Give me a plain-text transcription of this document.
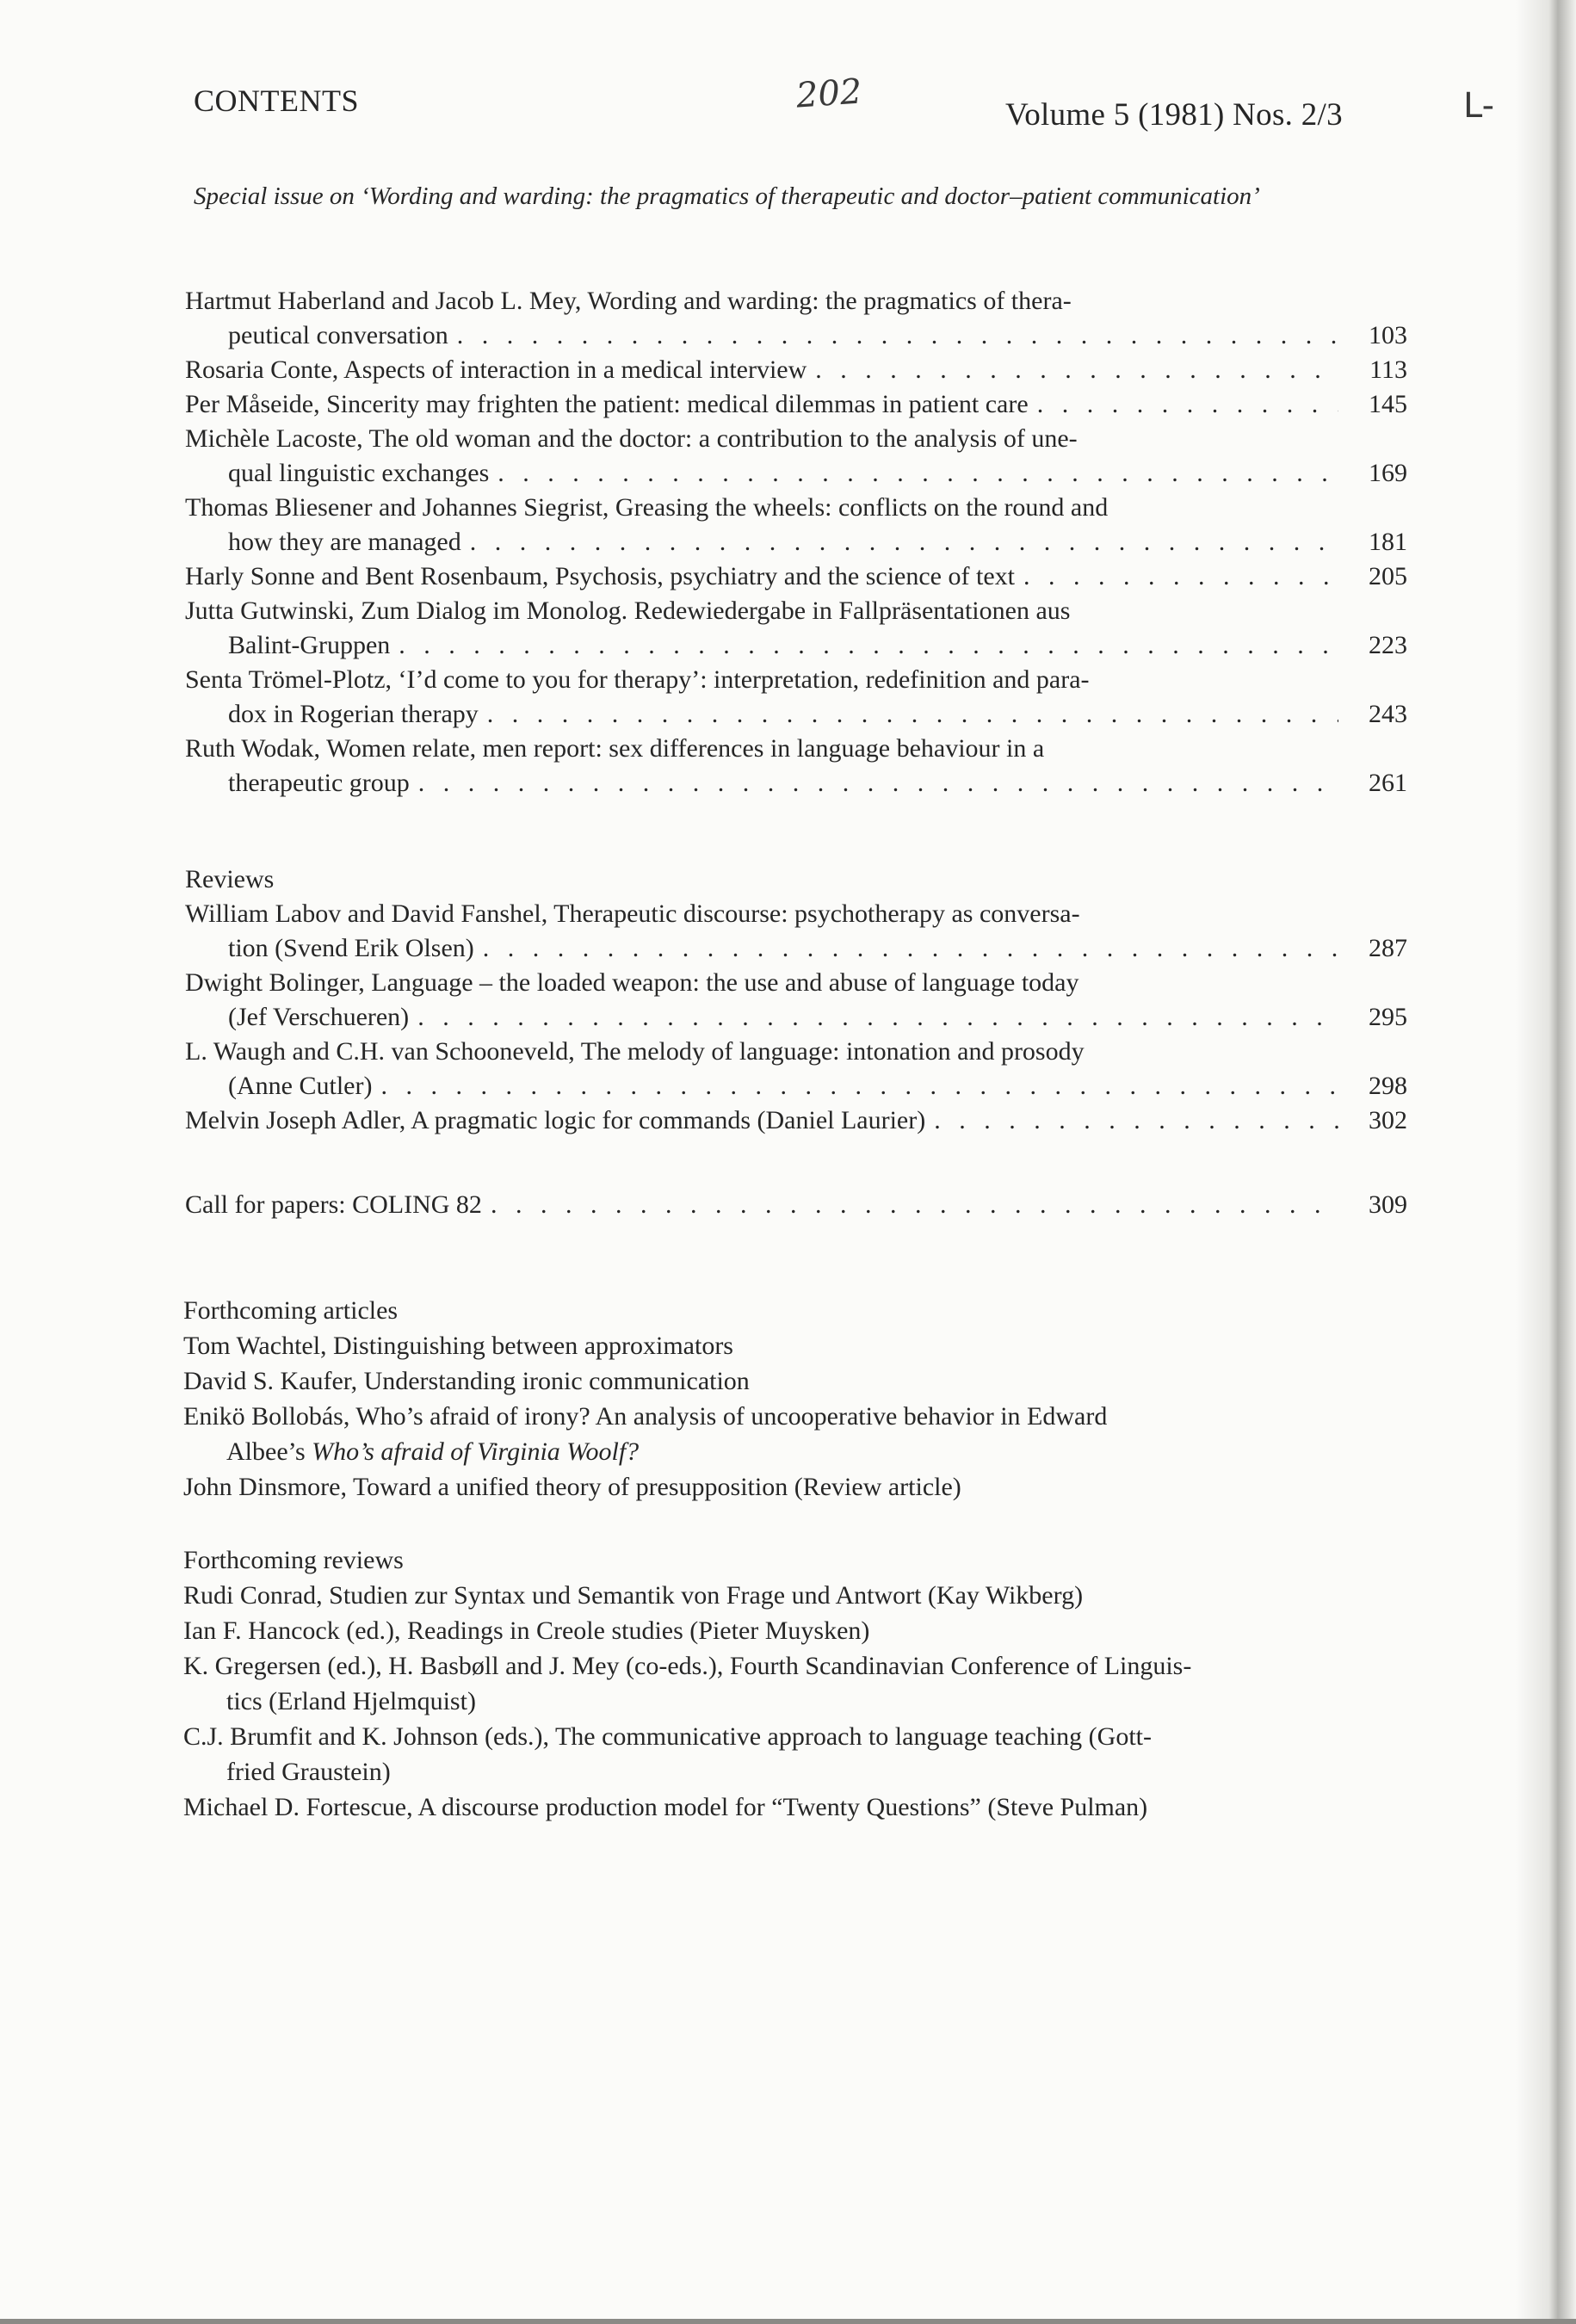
CONTENTS	202	Volume 5 (1981) Nos. 2/3	L-
Special issue on ‘Wording and warding: the pragmatics of therapeutic and doctor–patient communication’
Hartmut Haberland and Jacob L. Mey, Wording and warding: the pragmatics of thera-
peutical conversation . . .	103
Rosaria Conte, Aspects of interaction in a medical interview . . .	113
Per Måseide, Sincerity may frighten the patient: medical dilemmas in patient care . . .	145
Michèle Lacoste, The old woman and the doctor: a contribution to the analysis of une-
qual linguistic exchanges . . .	169
Thomas Bliesener and Johannes Siegrist, Greasing the wheels: conflicts on the round and
how they are managed . . .	181
Harly Sonne and Bent Rosenbaum, Psychosis, psychiatry and the science of text . . .	205
Jutta Gutwinski, Zum Dialog im Monolog. Redewiedergabe in Fallpräsentationen aus
Balint-Gruppen . . .	223
Senta Trömel-Plotz, ‘I’d come to you for therapy’: interpretation, redefinition and para-
dox in Rogerian therapy . . .	243
Ruth Wodak, Women relate, men report: sex differences in language behaviour in a
therapeutic group . . .	261
Reviews
William Labov and David Fanshel, Therapeutic discourse: psychotherapy as conversa-
tion (Svend Erik Olsen) . . .	287
Dwight Bolinger, Language – the loaded weapon: the use and abuse of language today
(Jef Verschueren) . . .	295
L. Waugh and C.H. van Schooneveld, The melody of language: intonation and prosody
(Anne Cutler) . . .	298
Melvin Joseph Adler, A pragmatic logic for commands (Daniel Laurier) . . .	302
Call for papers: COLING 82 . . .	309
Forthcoming articles
Tom Wachtel, Distinguishing between approximators
David S. Kaufer, Understanding ironic communication
Enikö Bollobás, Who’s afraid of irony? An analysis of uncooperative behavior in Edward
Albee’s Who’s afraid of Virginia Woolf?
John Dinsmore, Toward a unified theory of presupposition (Review article)
Forthcoming reviews
Rudi Conrad, Studien zur Syntax und Semantik von Frage und Antwort (Kay Wikberg)
Ian F. Hancock (ed.), Readings in Creole studies (Pieter Muysken)
K. Gregersen (ed.), H. Basbøll and J. Mey (co-eds.), Fourth Scandinavian Conference of Linguis-
tics (Erland Hjelmquist)
C.J. Brumfit and K. Johnson (eds.), The communicative approach to language teaching (Gott-
fried Graustein)
Michael D. Fortescue, A discourse production model for “Twenty Questions” (Steve Pulman)
